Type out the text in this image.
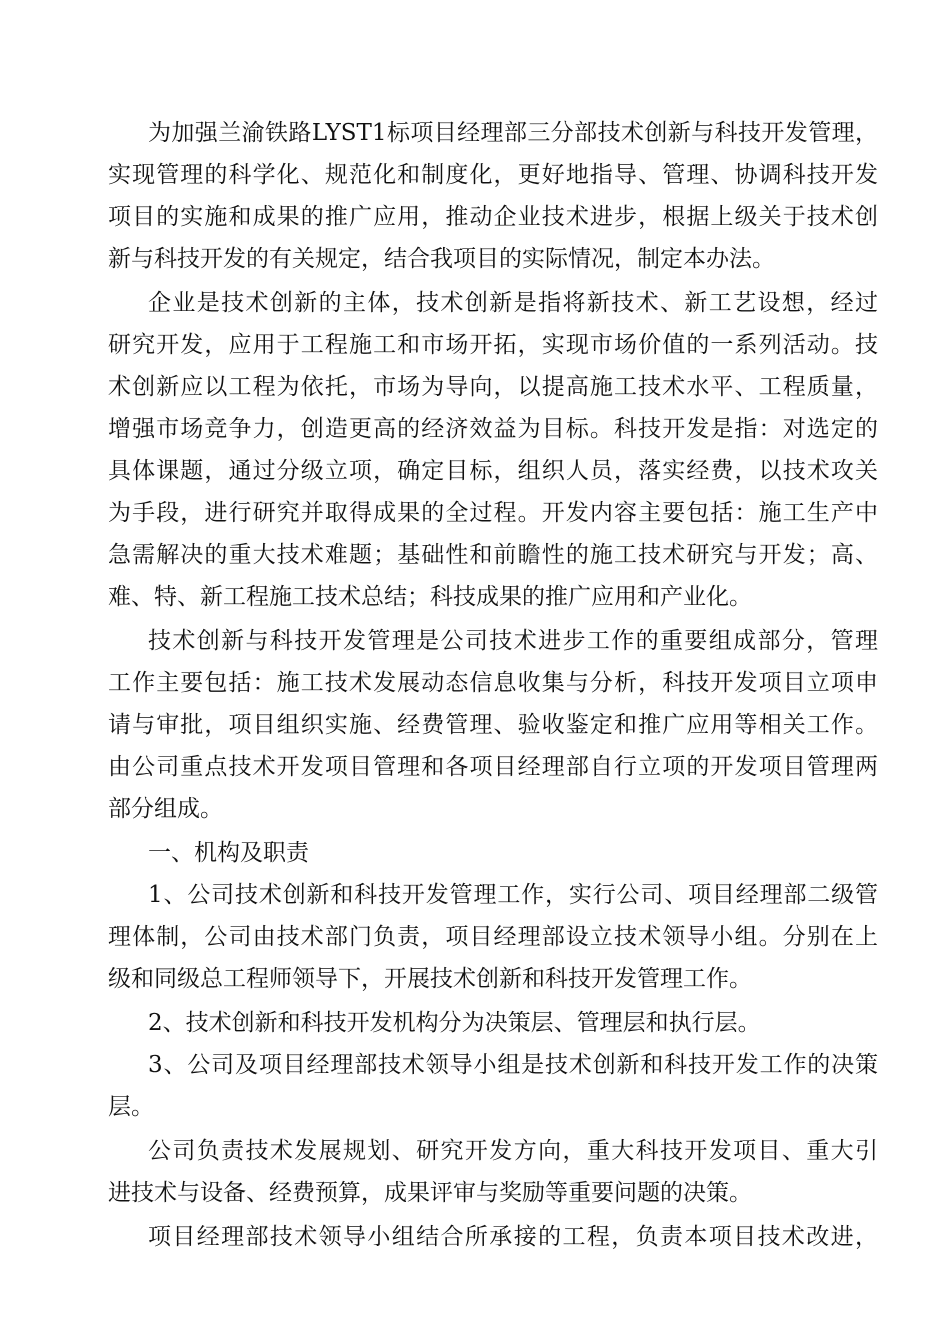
为加强兰渝铁路LYST1标项目经理部三分部技术创新与科技开发管理，
实现管理的科学化、规范化和制度化，更好地指导、管理、协调科技开发
项目的实施和成果的推广应用，推动企业技术进步，根据上级关于技术创
新与科技开发的有关规定，结合我项目的实际情况，制定本办法。
企业是技术创新的主体，技术创新是指将新技术、新工艺设想，经过
研究开发，应用于工程施工和市场开拓，实现市场价值的一系列活动。技
术创新应以工程为依托，市场为导向，以提高施工技术水平、工程质量，
增强市场竞争力，创造更高的经济效益为目标。科技开发是指：对选定的
具体课题，通过分级立项，确定目标，组织人员，落实经费，以技术攻关
为手段，进行研究并取得成果的全过程。开发内容主要包括：施工生产中
急需解决的重大技术难题；基础性和前瞻性的施工技术研究与开发；高、
难、特、新工程施工技术总结；科技成果的推广应用和产业化。
技术创新与科技开发管理是公司技术进步工作的重要组成部分，管理
工作主要包括：施工技术发展动态信息收集与分析，科技开发项目立项申
请与审批，项目组织实施、经费管理、验收鉴定和推广应用等相关工作。
由公司重点技术开发项目管理和各项目经理部自行立项的开发项目管理两
部分组成。
一、机构及职责
1、公司技术创新和科技开发管理工作，实行公司、项目经理部二级管
理体制，公司由技术部门负责，项目经理部设立技术领导小组。分别在上
级和同级总工程师领导下，开展技术创新和科技开发管理工作。
2、技术创新和科技开发机构分为决策层、管理层和执行层。
3、公司及项目经理部技术领导小组是技术创新和科技开发工作的决策
层。
公司负责技术发展规划、研究开发方向，重大科技开发项目、重大引
进技术与设备、经费预算，成果评审与奖励等重要问题的决策。
项目经理部技术领导小组结合所承接的工程，负责本项目技术改进，
